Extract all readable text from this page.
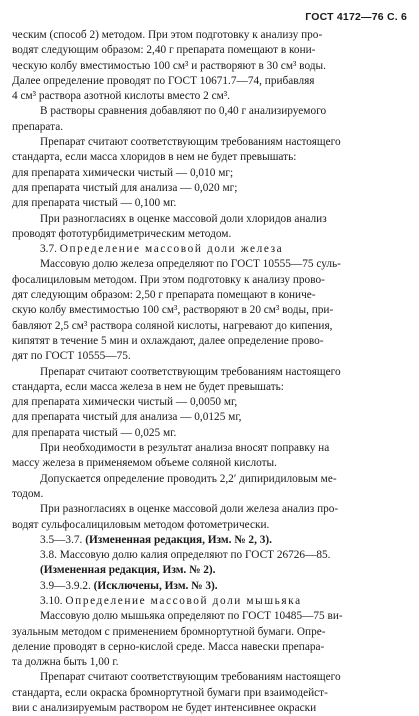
ГОСТ 4172—76 С. 6
ческим (способ 2) методом. При этом подготовку к анализу про-
водят следующим образом: 2,40 г препарата помещают в кони-
ческую колбу вместимостью 100 см³ и растворяют в 30 см³ воды.
Далее определение проводят по ГОСТ 10671.7—74, прибавляя
4 см³ раствора азотной кислоты вместо 2 см³.
В растворы сравнения добавляют по 0,40 г анализируемого
препарата.
Препарат считают соответствующим требованиям настоящего
стандарта, если масса хлоридов в нем не будет превышать:
для препарата химически чистый — 0,010 мг;
для препарата чистый для анализа — 0,020 мг;
для препарата чистый — 0,100 мг.
При разногласиях в оценке массовой доли хлоридов анализ
проводят фототурбидиметрическим методом.
3.7. Определение массовой доли железа
Массовую долю железа определяют по ГОСТ 10555—75 суль-
фосалициловым методом. При этом подготовку к анализу прово-
дят следующим образом: 2,50 г препарата помещают в кониче-
скую колбу вместимостью 100 см³, растворяют в 20 см³ воды, при-
бавляют 2,5 см³ раствора соляной кислоты, нагревают до кипения,
кипятят в течение 5 мин и охлаждают, далее определение прово-
дят по ГОСТ 10555—75.
Препарат считают соответствующим требованиям настоящего
стандарта, если масса железа в нем не будет превышать:
для препарата химически чистый — 0,0050 мг,
для препарата чистый для анализа — 0,0125 мг,
для препарата чистый — 0,025 мг.
При необходимости в результат анализа вносят поправку на
массу железа в применяемом объеме соляной кислоты.
Допускается определение проводить 2,2′ дипиридиловым ме-
тодом.
При разногласиях в оценке массовой доли железа анализ про-
водят сульфосалициловым методом фотометрически.
3.5—3.7. (Измененная редакция, Изм. № 2, 3).
3.8. Массовую долю калия определяют по ГОСТ 26726—85.
(Измененная редакция, Изм. № 2).
3.9—3.9.2. (Исключены, Изм. № 3).
3.10. Определение массовой доли мышьяка
Массовую долю мышьяка определяют по ГОСТ 10485—75 ви-
зуальным методом с применением бромнортутной бумаги. Опре-
деление проводят в серно-кислой среде. Масса навески препара-
та должна быть 1,00 г.
Препарат считают соответствующим требованиям настоящего
стандарта, если окраска бромнортутной бумаги при взаимодейст-
вии с анализируемым раствором не будет интенсивнее окраски
